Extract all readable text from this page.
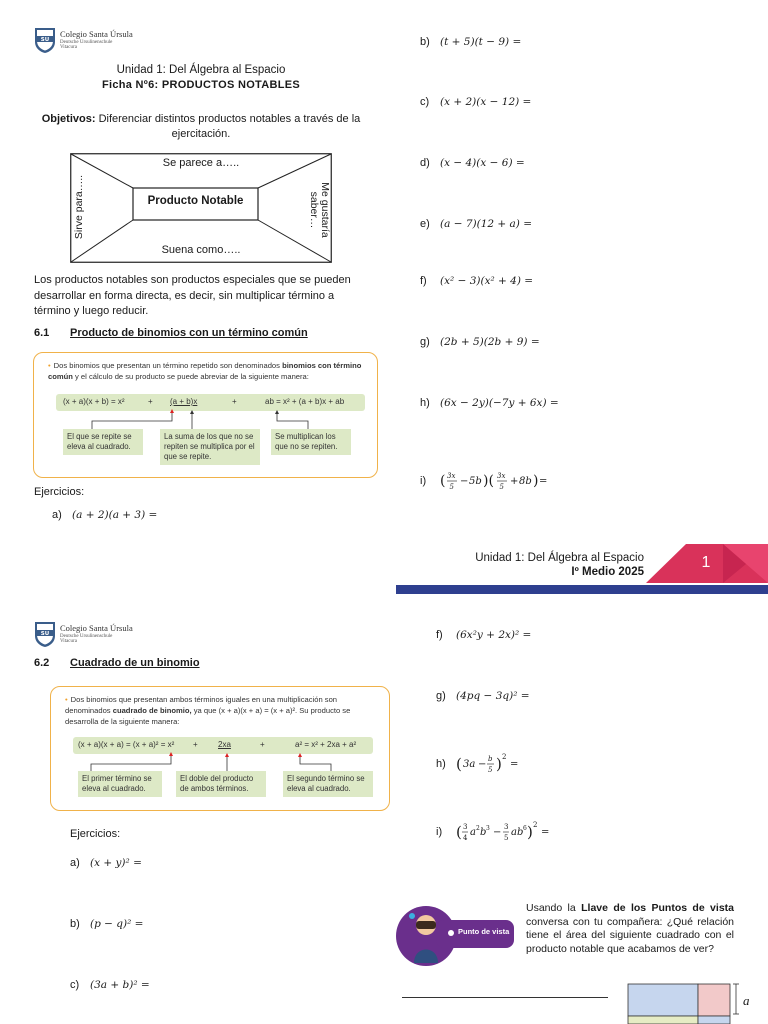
SU
Colegio Santa Úrsula
Deutsche Ursulinenschule
Vitacura
Unidad 1: Del Álgebra al Espacio
Ficha Nº6: PRODUCTOS NOTABLES
Objetivos: Diferenciar distintos productos notables a través de la ejercitación.
Se parece a…..
Producto Notable
Suena como…..
Sirve para…..	Me gustaría saber…
Los productos notables son productos especiales que se pueden desarrollar en forma directa, es decir, sin multiplicar término a término y luego reducir.
6.1 Producto de binomios con un término común
• Dos binomios que presentan un término repetido son denominados binomios con término común y el cálculo de su producto se puede abreviar de la siguiente manera:
(x + a)(x + b) = x²	+ (a + b)x	+	ab = x² + (a + b)x + ab
El que se repite se eleva al cuadrado.
La suma de los que no se repiten se multiplica por el que se repite.
Se multiplican los que no se repiten.
Ejercicios:
a) (a + 2)(a + 3) =
b) (t + 5)(t − 9) =
c) (x + 2)(x − 12) =
d) (x − 4)(x − 6) =
e) (a − 7)(12 + a) =
f)	(x² − 3)(x² + 4) =
g) (2b + 5)(2b + 9) =
h) (6x − 2y)(−7y + 6x) =
i) ( 3x
5 − 5b )( 3x
5 + 8b ) =
Unidad 1: Del Álgebra al Espacio
Iº Medio 2025
1
SU
Colegio Santa Úrsula
Deutsche Ursulinenschule
Vitacura
6.2 Cuadrado de un binomio
• Dos binomios que presentan ambos términos iguales en una multiplicación son denominados cuadrado de binomio, ya que (x + a)(x + a) = (x + a)². Su producto se desarrolla de la siguiente manera:
(x + a)(x + a) = (x + a)² = x² +	2xa	+	a² = x² + 2xa + a²
El primer término se eleva al cuadrado.
El doble del producto de ambos términos.
El segundo término se eleva al cuadrado.
Ejercicios:
a) (x + y)² =
b) (p − q)² =
c) (3a + b)² =
f)	(6x²y + 2x)² =
g) (4pq − 3q)² =
h) ( 3a − b
5 ) 2
=
i) ( 3
4 a 2 b 3 − 3
5 ab 6 ) 2
=
Punto de vista
Usando la Llave de los Puntos de vista conversa con tu compañera: ¿Qué relación tiene el área del siguiente cuadrado con el producto notable que acabamos de ver?
a
